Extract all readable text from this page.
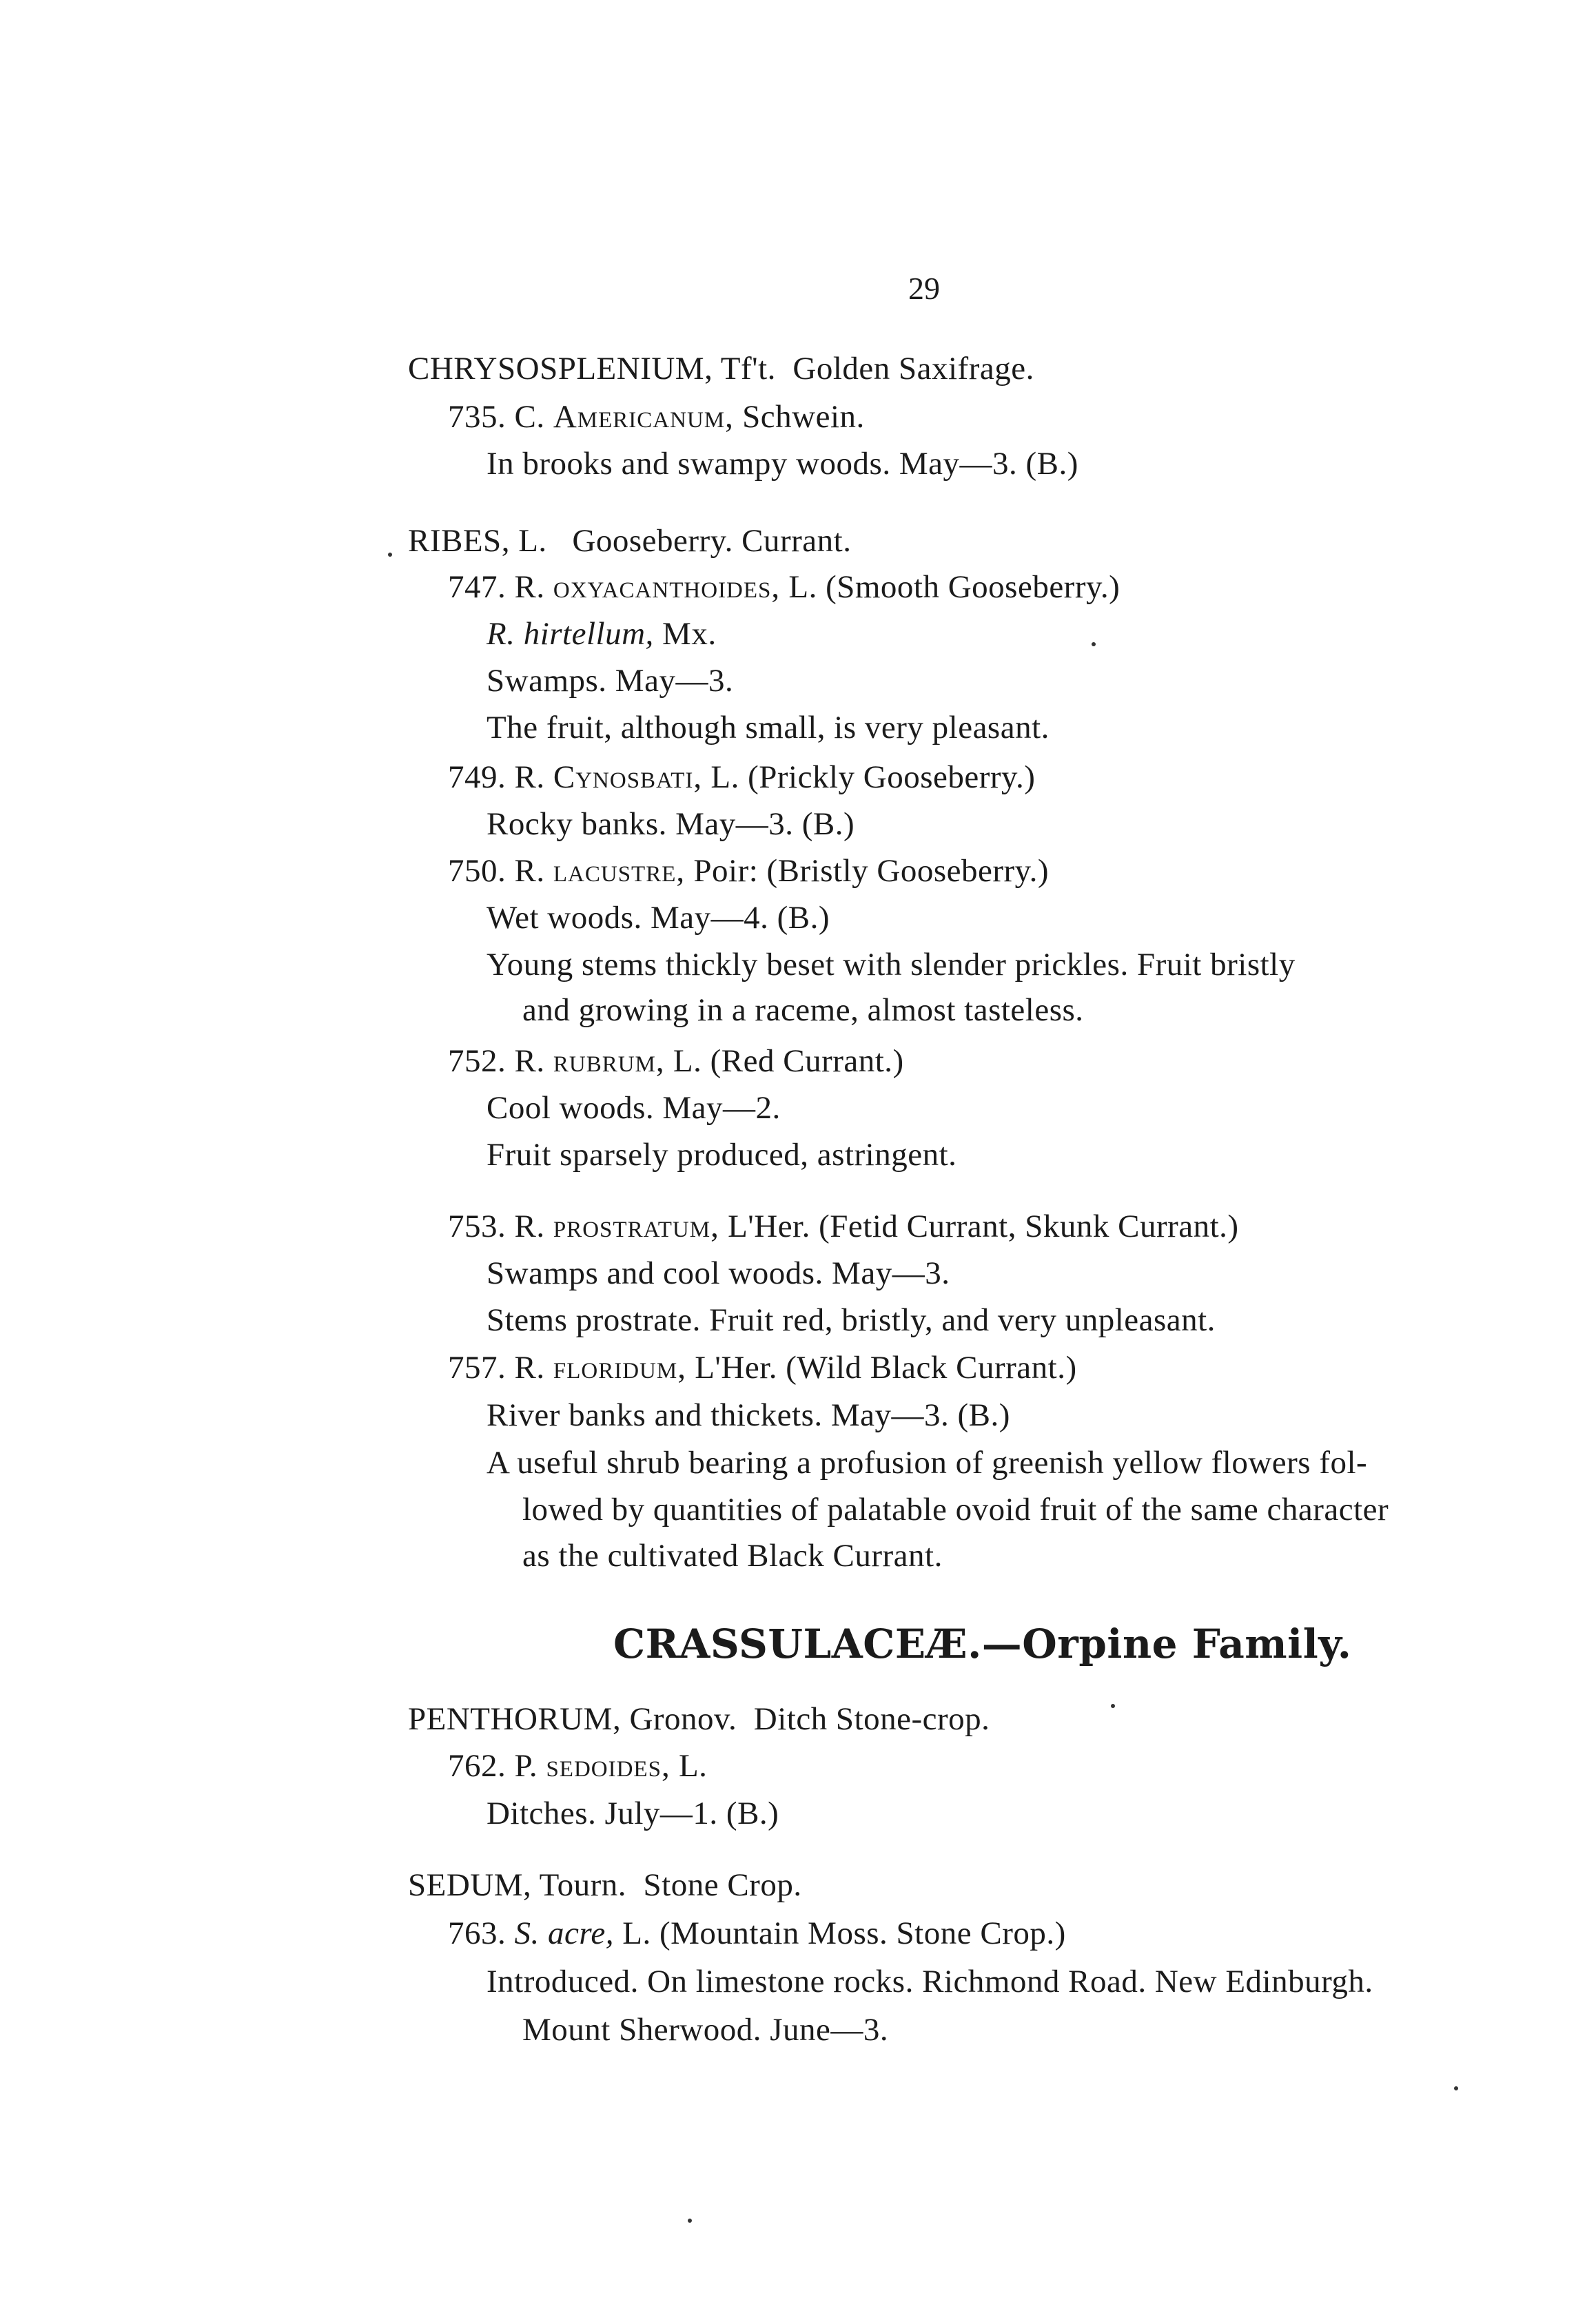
29
CHRYSOSPLENIUM, Tf't. Golden Saxifrage.
735. C. Americanum, Schwein.
In brooks and swampy woods. May—3. (B.)
RIBES, L. Gooseberry. Currant.
747. R. oxyacanthoides, L. (Smooth Gooseberry.)
R. hirtellum, Mx.
Swamps. May—3.
The fruit, although small, is very pleasant.
749. R. Cynosbati, L. (Prickly Gooseberry.)
Rocky banks. May—3. (B.)
750. R. lacustre, Poir: (Bristly Gooseberry.)
Wet woods. May—4. (B.)
Young stems thickly beset with slender prickles. Fruit bristly
and growing in a raceme, almost tasteless.
752. R. rubrum, L. (Red Currant.)
Cool woods. May—2.
Fruit sparsely produced, astringent.
753. R. prostratum, L'Her. (Fetid Currant, Skunk Currant.)
Swamps and cool woods. May—3.
Stems prostrate. Fruit red, bristly, and very unpleasant.
757. R. floridum, L'Her. (Wild Black Currant.)
River banks and thickets. May—3. (B.)
A useful shrub bearing a profusion of greenish yellow flowers fol-
lowed by quantities of palatable ovoid fruit of the same character
as the cultivated Black Currant.
CRASSULACEÆ.—Orpine Family.
PENTHORUM, Gronov. Ditch Stone-crop.
762. P. sedoides, L.
Ditches. July—1. (B.)
SEDUM, Tourn. Stone Crop.
763. S. acre, L. (Mountain Moss. Stone Crop.)
Introduced. On limestone rocks. Richmond Road. New Edinburgh.
Mount Sherwood. June—3.
